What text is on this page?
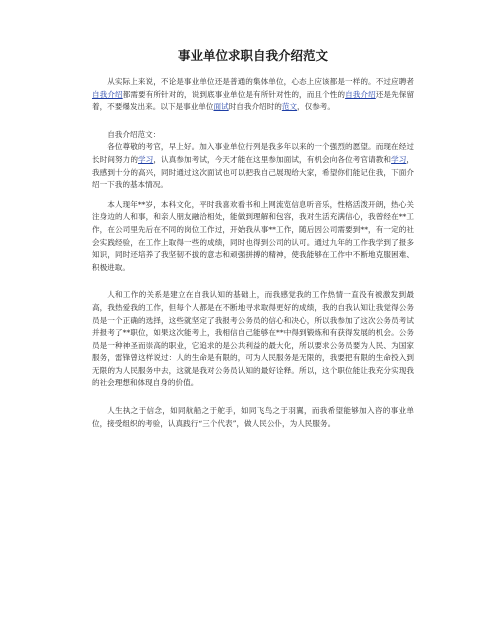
事业单位求职自我介绍范文

从实际上来说，不论是事业单位还是普通的集体单位，心态上应该都是一样的。不过应聘者自我介绍都需要有所针对的，说到底事业单位是有所针对性的，而且个性的自我介绍还是先保留着，不要爆发出来。以下是事业单位面试时自我介绍时的范文，仅参考。

自我介绍范文：

各位尊敬的考官，早上好。加入事业单位行列是我多年以来的一个强烈的愿望。而现在经过长时间努力的学习，认真参加考试，今天才能在这里参加面试，有机会向各位考官请教和学习，我感到十分的高兴，同时通过这次面试也可以把我自己展现给大家，希望你们能记住我，下面介绍一下我的基本情况。

本人现年**岁，本科文化，平时我喜欢看书和上网流览信息听音乐，性格活泼开朗，热心关注身边的人和事，和亲人朋友融洽相处，能做到理解和包容，我对生活充满信心，我曾经在**工作，在公司里先后在不同的岗位工作过，开始我从事**工作，随后因公司需要到**，有一定的社会实践经验，在工作上取得一些的成绩，同时也得到公司的认可。通过九年的工作我学到了报多知识，同时还培养了我坚韧不拔的意志和顽强拼搏的精神，使我能够在工作中不断地克服困难、积极进取。

人和工作的关系是建立在自我认知的基础上，而我感觉我的工作热情一直没有被激发到最高，我热爱我的工作，但每个人都是在不断地寻求取得更好的成绩，我的自我认知让我觉得公务员是一个正确的选择，这些就坚定了我报考公务员的信心和决心，所以我参加了这次公务员考试并报考了**职位，如果这次能考上，我相信自己能够在**中得到锻炼和有获得发展的机会。公务员是一种神圣而崇高的职业，它追求的是公共利益的最大化，所以要求公务员要为人民、为国家服务，雷锋曾这样说过：人的生命是有限的，可为人民服务是无限的，我要把有限的生命投入到无限的为人民服务中去，这就是我对公务员认知的最好诠释。所以，这个职位能让我充分实现我的社会理想和体现自身的价值。

人生执之于信念，如同航船之于舵手，如同飞鸟之于羽翼，而我希望能够加入咨的事业单位，接受组织的考验，认真践行“三个代表”，做人民公仆，为人民服务。
